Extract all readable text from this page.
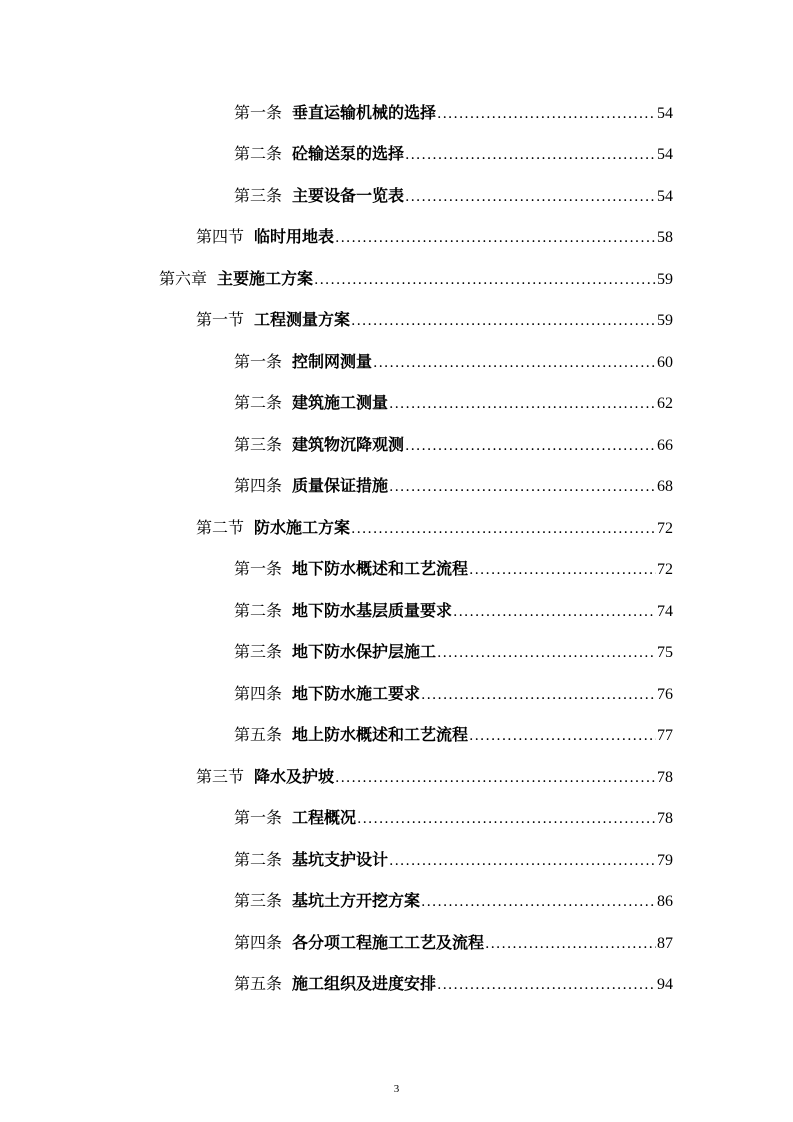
第一条 垂直运输机械的选择 .....	54
第二条 砼输送泵的选择 .....	54
第三条 主要设备一览表 .....	54
第四节 临时用地表 .....	58
第六章 主要施工方案 .....	59
第一节 工程测量方案 .....	59
第一条 控制网测量 .....	60
第二条 建筑施工测量 .....	62
第三条 建筑物沉降观测 .....	66
第四条 质量保证措施 .....	68
第二节 防水施工方案 .....	72
第一条 地下防水概述和工艺流程 .....	72
第二条 地下防水基层质量要求 .....	74
第三条 地下防水保护层施工 .....	75
第四条 地下防水施工要求 .....	76
第五条 地上防水概述和工艺流程 .....	77
第三节 降水及护坡 .....	78
第一条 工程概况 .....	78
第二条 基坑支护设计 .....	79
第三条 基坑土方开挖方案 .....	86
第四条 各分项工程施工工艺及流程 .....	87
第五条 施工组织及进度安排 .....	94
3
